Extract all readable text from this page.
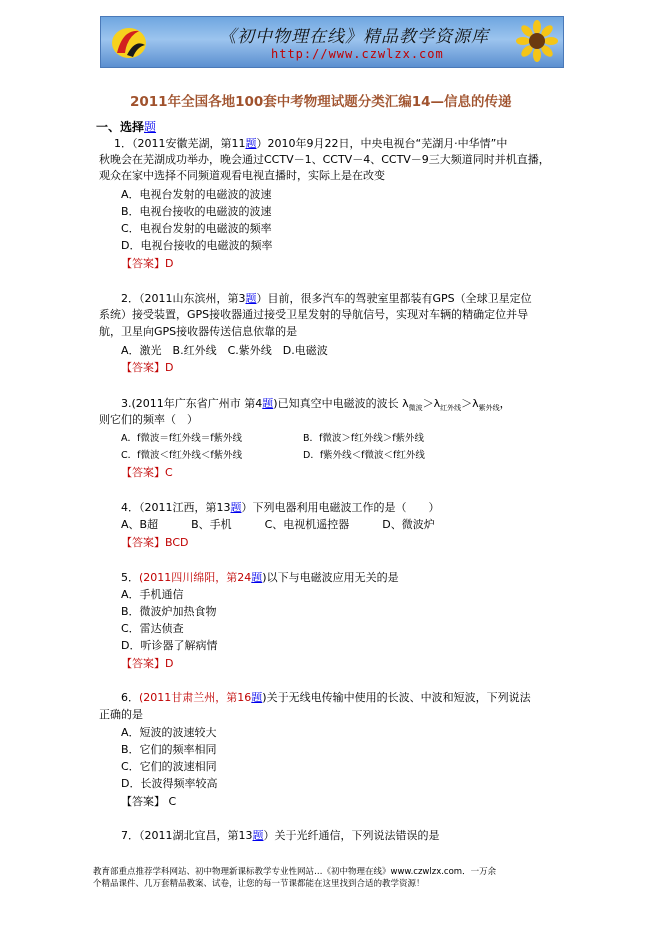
《初中物理在线》精品教学资源库
http://www.czwlzx.com
2011年全国各地100套中考物理试题分类汇编14—信息的传递
一、选择题
1．（2011安徽芜湖，第11题）2010年9月22日，中央电视台“芜湖月·中华情”中
秋晚会在芜湖成功举办，晚会通过CCTV－1、CCTV－4、CCTV－9三大频道同时并机直播，
观众在家中选择不同频道观看电视直播时，实际上是在改变
A．电视台发射的电磁波的波速
B．电视台接收的电磁波的波速
C．电视台发射的电磁波的频率
D．电视台接收的电磁波的频率
【答案】D
2．（2011山东滨州，第3题）目前，很多汽车的驾驶室里都装有GPS（全球卫星定位
系统）接受装置，GPS接收器通过接受卫星发射的导航信号，实现对车辆的精确定位并导
航，卫星向GPS接收器传送信息依靠的是
A．激光　B.红外线　C.紫外线　D.电磁波
【答案】D
3.(2011年广东省广州市 第4题)已知真空中电磁波的波长 $\lambda_{微波}>\lambda_{红外线}>\lambda_{紫外线}$，
则它们的频率（　）
A．f微波＝f红外线＝f紫外线	B．f微波＞f红外线＞f紫外线
C．f微波＜f红外线＜f紫外线	D．f紫外线＜f微波＜f红外线
【答案】C
4．（2011江西，第13题）下列电器利用电磁波工作的是（　　）
A、B超　　　B、手机　　　C、电视机遥控器　　　D、微波炉
【答案】BCD
5．(2011四川绵阳，第24题)以下与电磁波应用无关的是
A．手机通信
B．微波炉加热食物
C．雷达侦查
D．听诊器了解病情
【答案】D
6．(2011甘肃兰州，第16题)关于无线电传输中使用的长波、中波和短波，下列说法
正确的是
A．短波的波速较大
B．它们的频率相同
C．它们的波速相同
D．长波得频率较高
【答案】 C
7．（2011湖北宜昌，第13题）关于光纤通信，下列说法错误的是
教育部重点推荐学科网站、初中物理新课标教学专业性网站…《初中物理在线》www.czwlzx.com．一万余
个精品课件、几万套精品教案、试卷，让您的每一节课都能在这里找到合适的教学资源！
